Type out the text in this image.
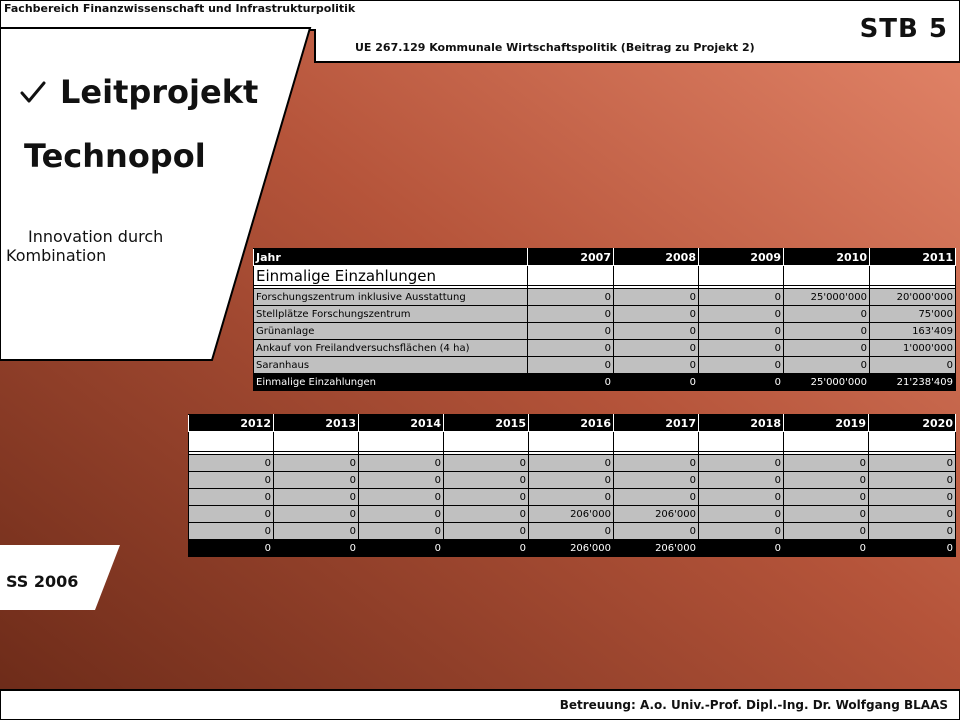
Fachbereich Finanzwissenschaft und Infrastrukturpolitik
UE 267.129 Kommunale Wirtschaftspolitik (Beitrag zu Projekt 2)
STB 5
Leitprojekt
Technopol
Innovation durch
Kombination
SS 2006
Betreuung: A.o. Univ.-Prof. Dipl.-Ing. Dr. Wolfgang BLAAS
Jahr	2007	2008	2009	2010	2011
Einmalige Einzahlungen					

Forschungszentrum inklusive Ausstattung	0	0	0	25'000'000	20'000'000
Stellplätze Forschungszentrum	0	0	0	0	75'000
Grünanlage	0	0	0	0	163'409
Ankauf von Freilandversuchsflächen (4 ha)	0	0	0	0	1'000'000
Saranhaus	0	0	0	0	0
Einmalige Einzahlungen	0	0	0	25'000'000	21'238'409
2012	2013	2014	2015	2016	2017	2018	2019	2020

0	0	0	0	0	0	0	0	0
0	0	0	0	0	0	0	0	0
0	0	0	0	0	0	0	0	0
0	0	0	0	206'000	206'000	0	0	0
0	0	0	0	0	0	0	0	0
0	0	0	0	206'000	206'000	0	0	0
